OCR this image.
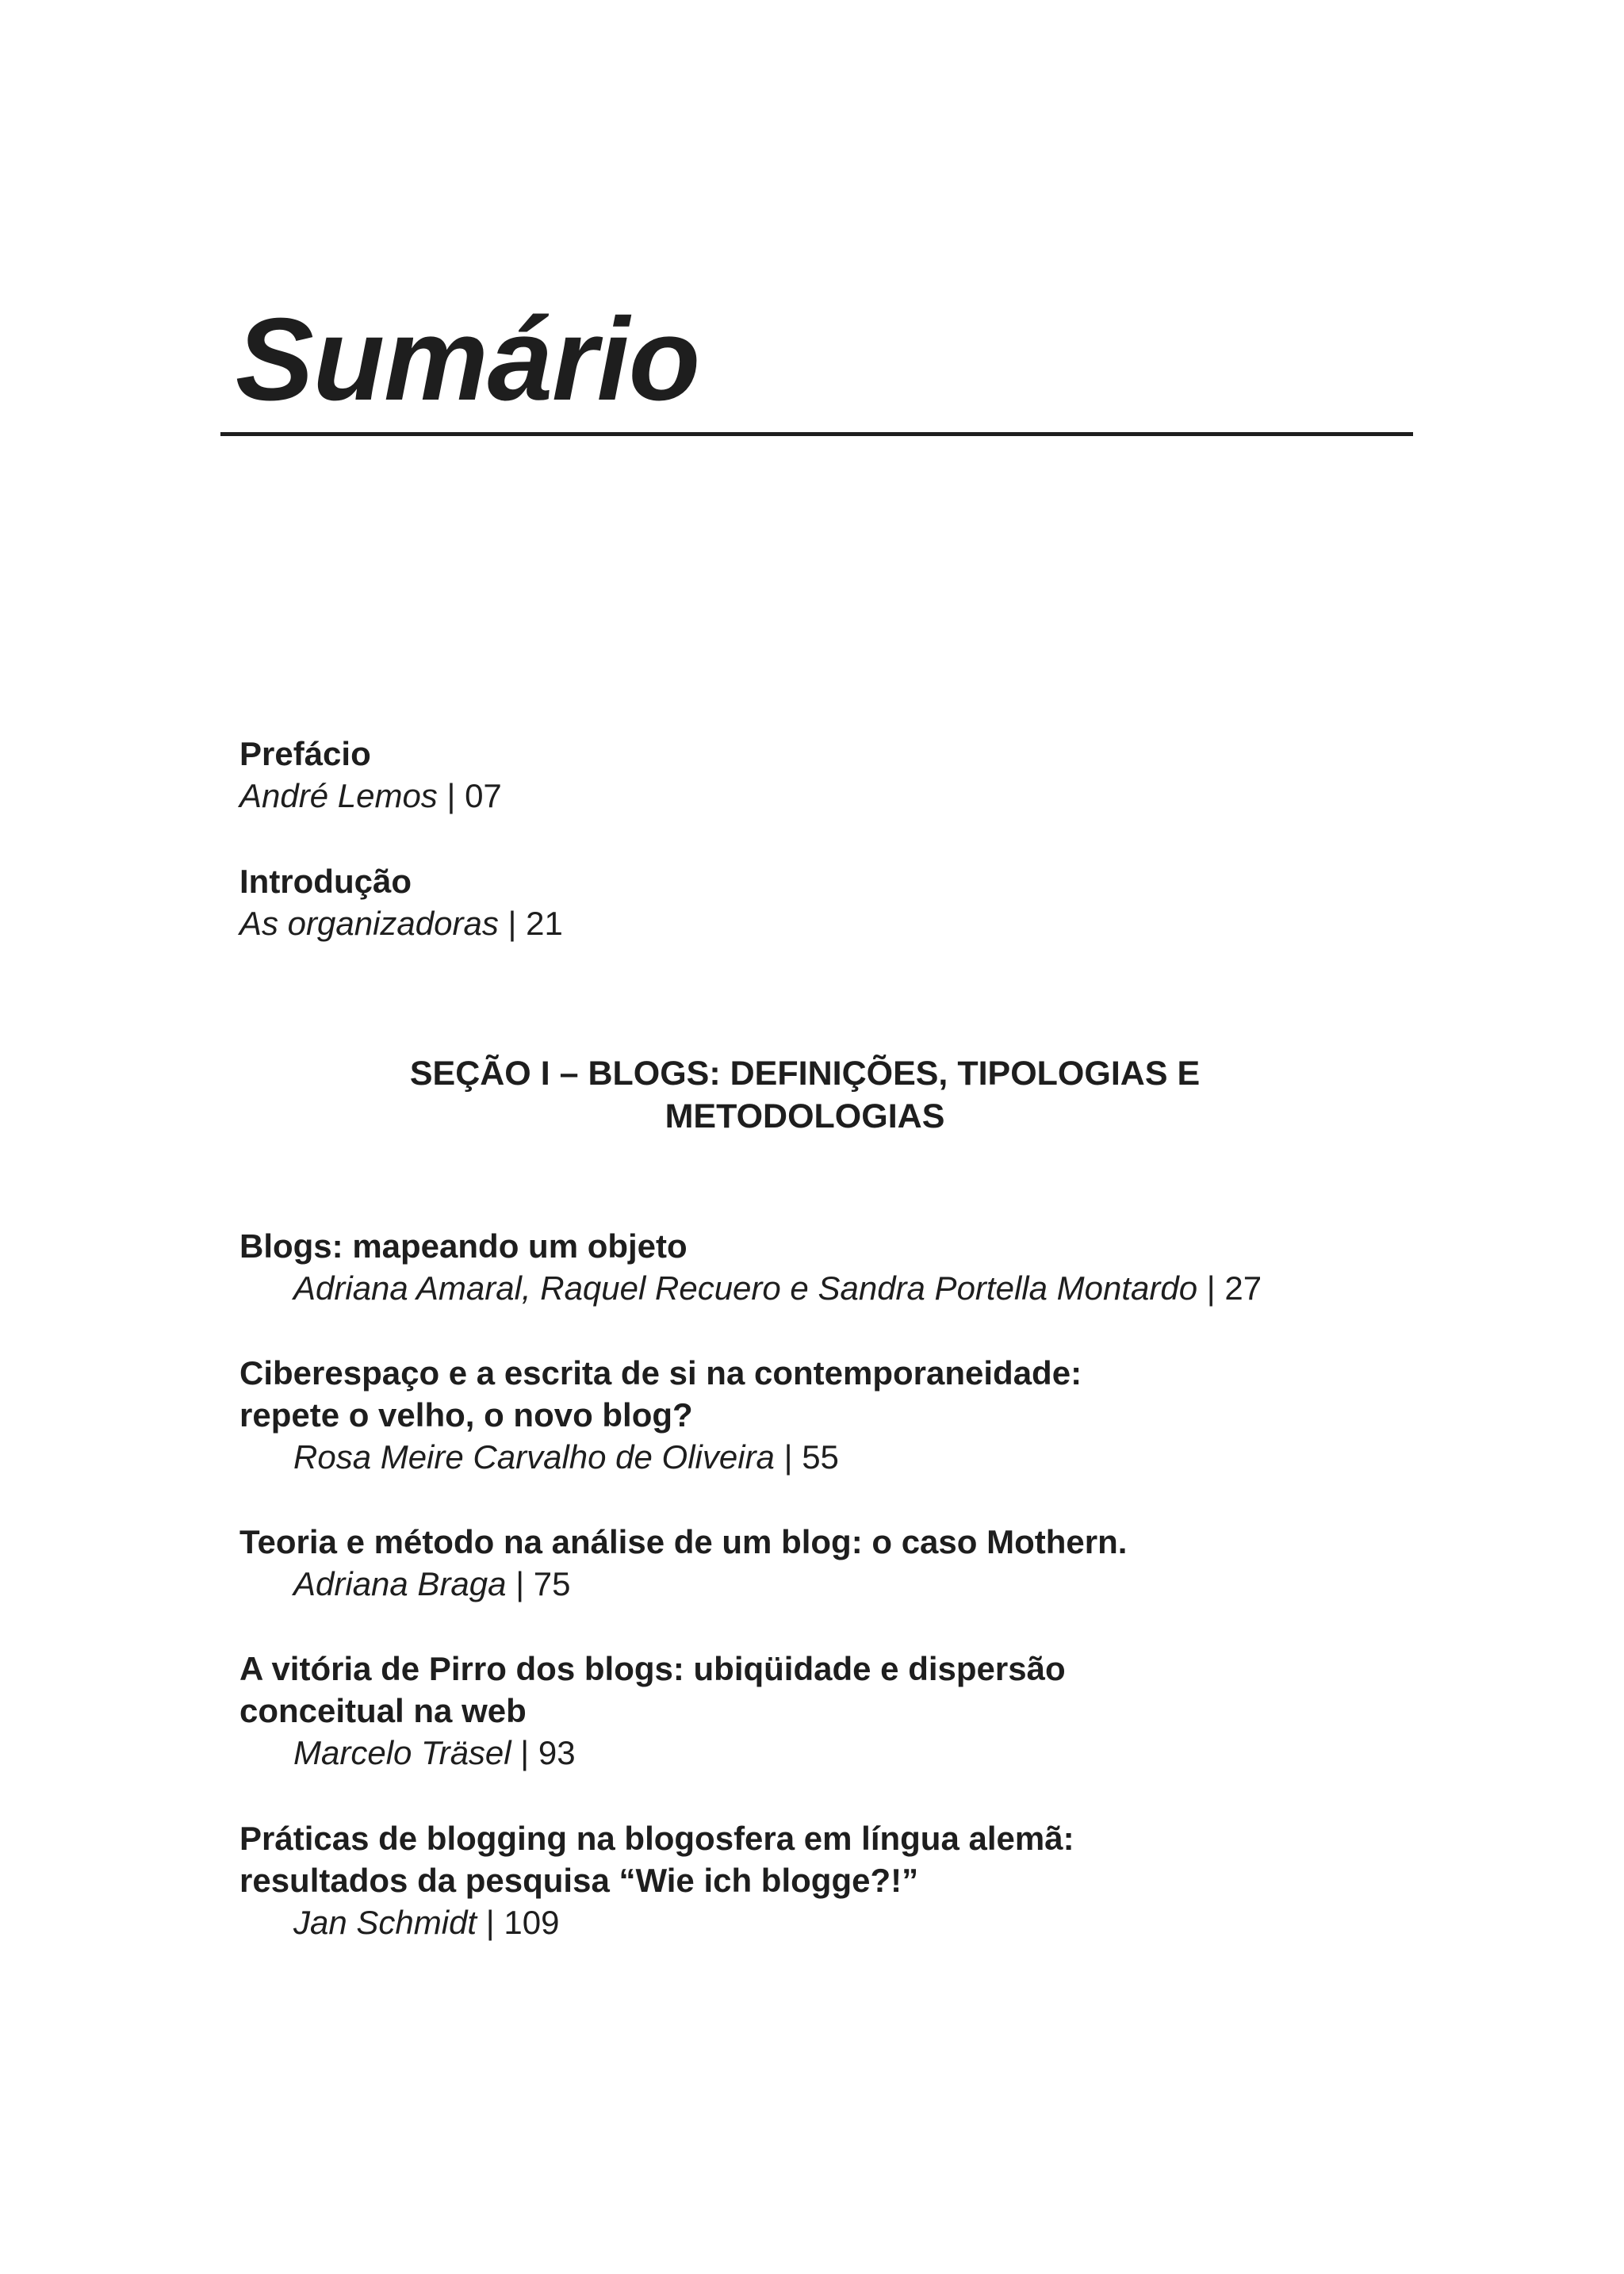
Sumário
Prefácio
André Lemos | 07
Introdução
As organizadoras | 21
SEÇÃO I – BLOGS: DEFINIÇÕES, TIPOLOGIAS E
METODOLOGIAS
Blogs: mapeando um objeto
Adriana Amaral, Raquel Recuero e Sandra Portella Montardo | 27
Ciberespaço e a escrita de si na contemporaneidade:
repete o velho, o novo blog?
Rosa Meire Carvalho de Oliveira | 55
Teoria e método na análise de um blog: o caso Mothern.
Adriana Braga | 75
A vitória de Pirro dos blogs: ubiqüidade e dispersão
conceitual na web
Marcelo Träsel | 93
Práticas de blogging na blogosfera em língua alemã:
resultados da pesquisa “Wie ich blogge?!”
Jan Schmidt | 109
